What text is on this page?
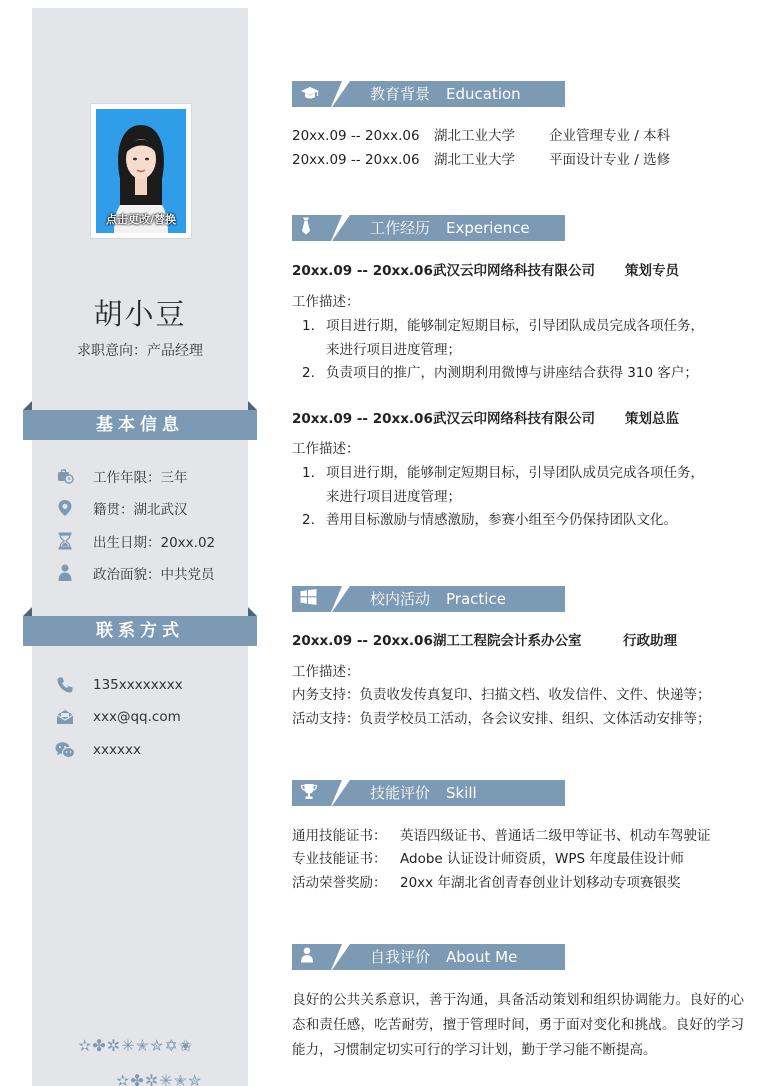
点击更改/替换
胡小豆
求职意向：产品经理
基本信息
工作年限：三年
籍贯：湖北武汉
出生日期：20xx.02
政治面貌：中共党员
联系方式
135xxxxxxxx
xxx@qq.com
xxxxxx
✫✤✲✳✭✮✡✬
✫✤✲✳✭✮
教育背景 Education
20xx.09 -- 20xx.06 湖北工业大学	企业管理专业 / 本科
20xx.09 -- 20xx.06 湖北工业大学	平面设计专业 / 选修
工作经历 Experience
20xx.09 -- 20xx.06武汉云印网络科技有限公司 策划专员
工作描述：
1. 项目进行期，能够制定短期目标，引导团队成员完成各项任务，
来进行项目进度管理；
2. 负责项目的推广，内测期利用微博与讲座结合获得 310 客户；
20xx.09 -- 20xx.06武汉云印网络科技有限公司 策划总监
工作描述：
1. 项目进行期，能够制定短期目标，引导团队成员完成各项任务，
来进行项目进度管理；
2. 善用目标激励与情感激励，参赛小组至今仍保持团队文化。
校内活动 Practice
20xx.09 -- 20xx.06湖工工程院会计系办公室	行政助理
工作描述：
内务支持：负责收发传真复印、扫描文档、收发信件、文件、快递等；
活动支持：负责学校员工活动，各会议安排、组织、文体活动安排等；
技能评价 Skill
通用技能证书： 英语四级证书、普通话二级甲等证书、机动车驾驶证
专业技能证书： Adobe 认证设计师资质，WPS 年度最佳设计师
活动荣誉奖励： 20xx 年湖北省创青春创业计划移动专项赛银奖
自我评价 About Me
良好的公共关系意识，善于沟通，具备活动策划和组织协调能力。良好的心态和责任感，吃苦耐劳，擅于管理时间，勇于面对变化和挑战。良好的学习能力，习惯制定切实可行的学习计划，勤于学习能不断提高。
